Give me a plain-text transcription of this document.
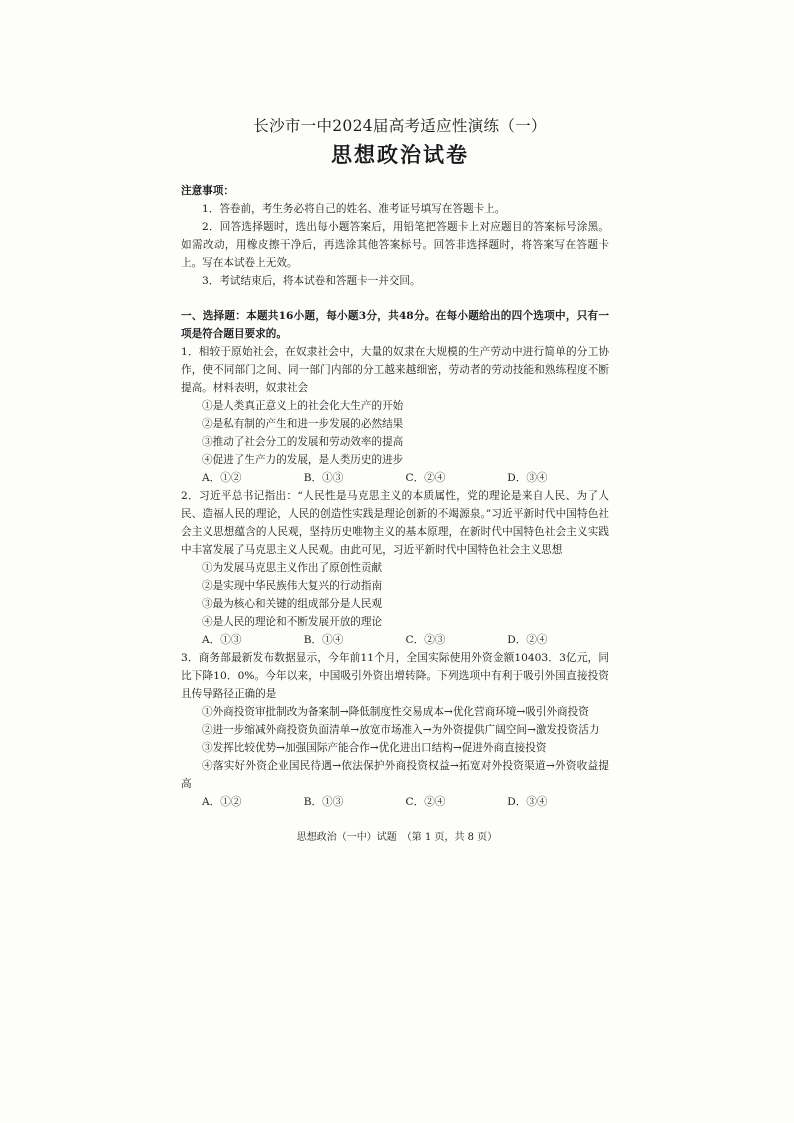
长沙市一中2024届高考适应性演练（一）
思想政治试卷
注意事项：
1．答卷前，考生务必将自己的姓名、准考证号填写在答题卡上。
2．回答选择题时，选出每小题答案后，用铅笔把答题卡上对应题目的答案标号涂黑。如需改动，用橡皮擦干净后，再选涂其他答案标号。回答非选择题时，将答案写在答题卡上。写在本试卷上无效。
3．考试结束后，将本试卷和答题卡一并交回。
一、选择题：本题共16小题，每小题3分，共48分。在每小题给出的四个选项中，只有一项是符合题目要求的。
1．相较于原始社会，在奴隶社会中，大量的奴隶在大规模的生产劳动中进行简单的分工协作，使不同部门之间、同一部门内部的分工越来越细密，劳动者的劳动技能和熟练程度不断提高。材料表明，奴隶社会
①是人类真正意义上的社会化大生产的开始
②是私有制的产生和进一步发展的必然结果
③推动了社会分工的发展和劳动效率的提高
④促进了生产力的发展，是人类历史的进步
A．①②	B．①③	C．②④	D．③④
2．习近平总书记指出：“人民性是马克思主义的本质属性，党的理论是来自人民、为了人民、造福人民的理论，人民的创造性实践是理论创新的不竭源泉。”习近平新时代中国特色社会主义思想蕴含的人民观，坚持历史唯物主义的基本原理，在新时代中国特色社会主义实践中丰富发展了马克思主义人民观。由此可见，习近平新时代中国特色社会主义思想
①为发展马克思主义作出了原创性贡献
②是实现中华民族伟大复兴的行动指南
③最为核心和关键的组成部分是人民观
④是人民的理论和不断发展开放的理论
A．①③	B．①④	C．②③	D．②④
3．商务部最新发布数据显示，今年前11个月，全国实际使用外资金额10403．3亿元，同比下降10．0%。今年以来，中国吸引外资出增转降。下列选项中有利于吸引外国直接投资且传导路径正确的是
①外商投资审批制改为备案制→降低制度性交易成本→优化营商环境→吸引外商投资
②进一步缩减外商投资负面清单→放宽市场准入→为外资提供广阔空间→激发投资活力
③发挥比较优势→加强国际产能合作→优化进出口结构→促进外商直接投资
④落实好外资企业国民待遇→依法保护外商投资权益→拓宽对外投资渠道→外资收益提高
A．①②	B．①③	C．②④	D．③④
思想政治（一中）试题　（第 1 页，共 8 页）
